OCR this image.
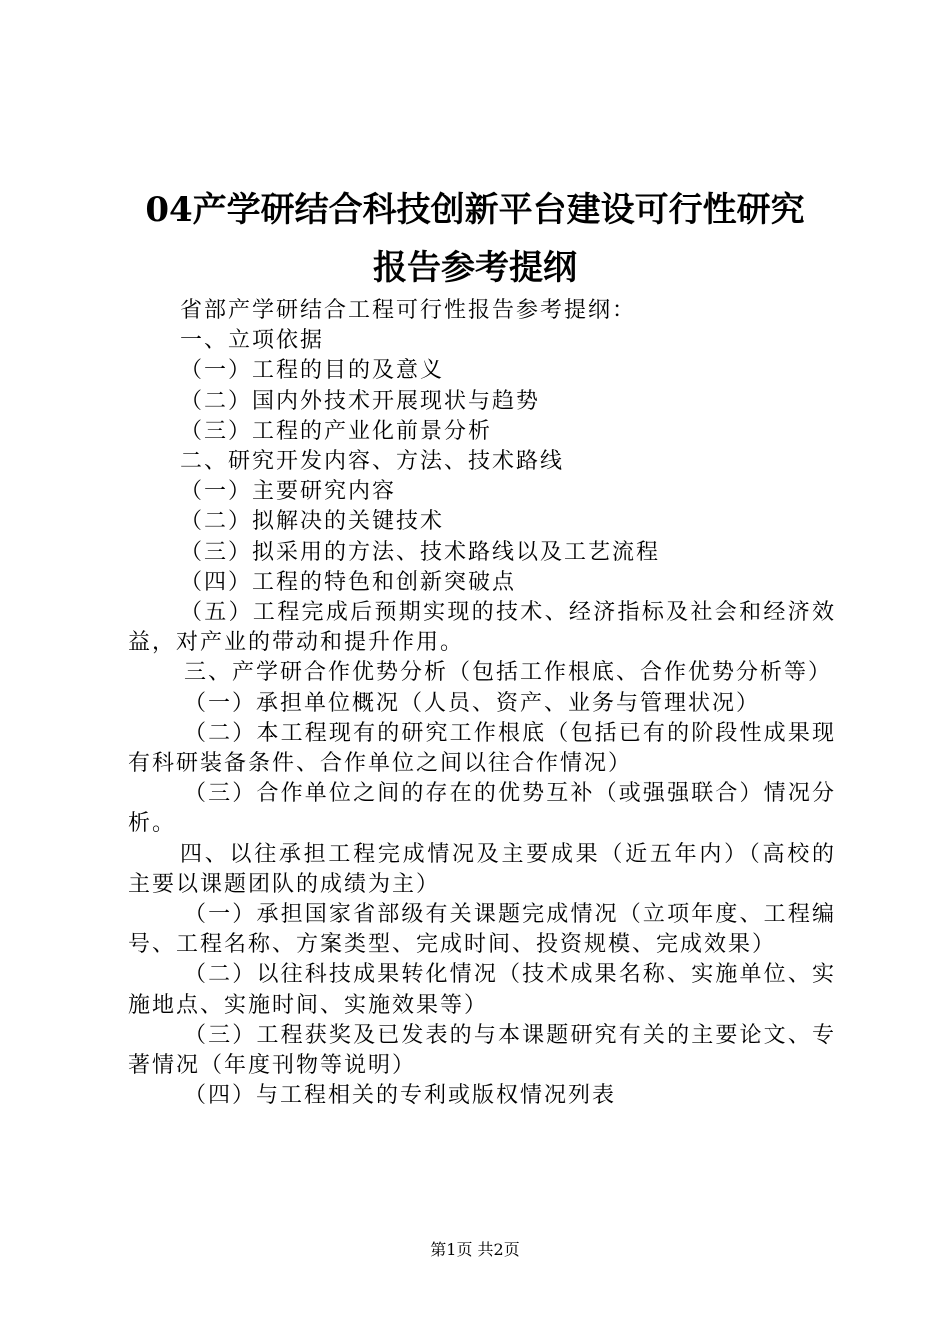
04产学研结合科技创新平台建设可行性研究
报告参考提纲

省部产学研结合工程可行性报告参考提纲：

一、立项依据

（一）工程的目的及意义

（二）国内外技术开展现状与趋势

（三）工程的产业化前景分析

二、研究开发内容、方法、技术路线

（一）主要研究内容

（二）拟解决的关键技术

（三）拟采用的方法、技术路线以及工艺流程

（四）工程的特色和创新突破点

（五）工程完成后预期实现的技术、经济指标及社会和经济效益，对产业的带动和提升作用。

三、产学研合作优势分析（包括工作根底、合作优势分析等）

（一）承担单位概况（人员、资产、业务与管理状况）

（二）本工程现有的研究工作根底（包括已有的阶段性成果现有科研装备条件、合作单位之间以往合作情况）

（三）合作单位之间的存在的优势互补（或强强联合）情况分析。

四、以往承担工程完成情况及主要成果（近五年内）（高校的主要以课题团队的成绩为主）

（一）承担国家省部级有关课题完成情况（立项年度、工程编号、工程名称、方案类型、完成时间、投资规模、完成效果）

（二）以往科技成果转化情况（技术成果名称、实施单位、实施地点、实施时间、实施效果等）

（三）工程获奖及已发表的与本课题研究有关的主要论文、专著情况（年度刊物等说明）

（四）与工程相关的专利或版权情况列表

第1页 共2页
